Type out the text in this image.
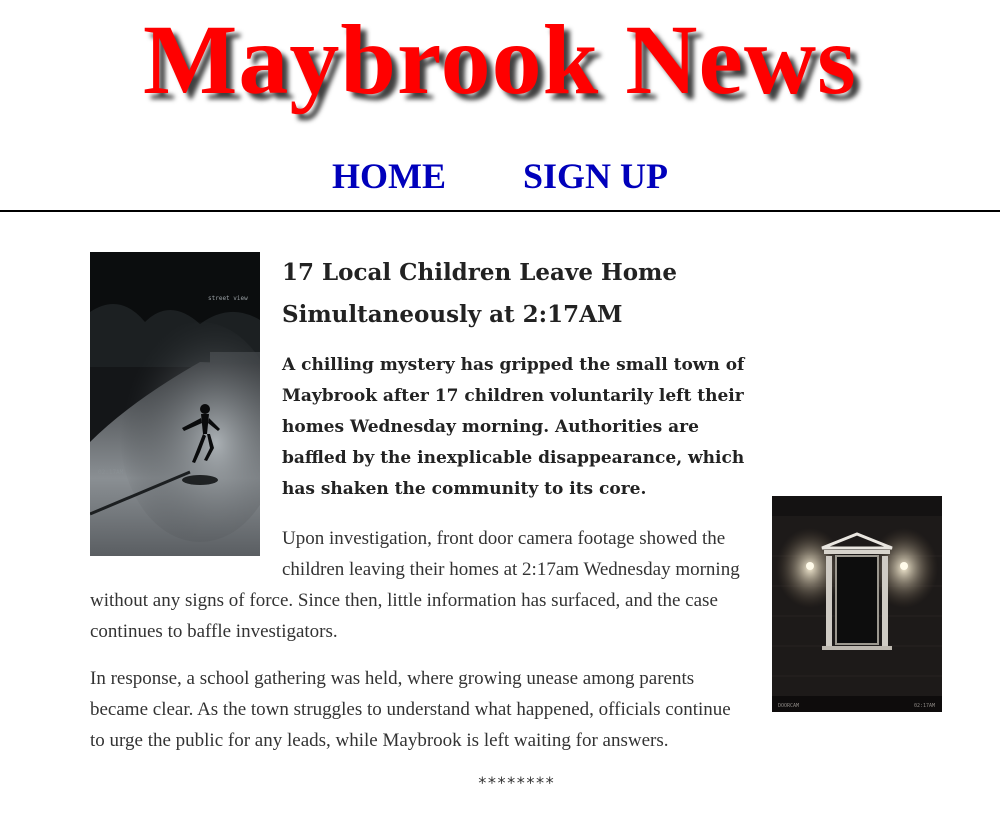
Maybrook News
HOME SIGN UP
street view
02:17AM
DOORCAM	02:17AM
17 Local Children Leave Home Simultaneously at 2:17AM

A chilling mystery has gripped the small town of Maybrook after 17 children voluntarily left their homes Wednesday morning. Authorities are baffled by the inexplicable disappearance, which has shaken the community to its core.

Upon investigation, front door camera footage showed the children leaving their homes at 2:17am Wednesday morning without any signs of force. Since then, little information has surfaced, and the case continues to baffle investigators.

In response, a school gathering was held, where growing unease among parents became clear. As the town struggles to understand what happened, officials continue to urge the public for any leads, while Maybrook is left waiting for answers.

********
